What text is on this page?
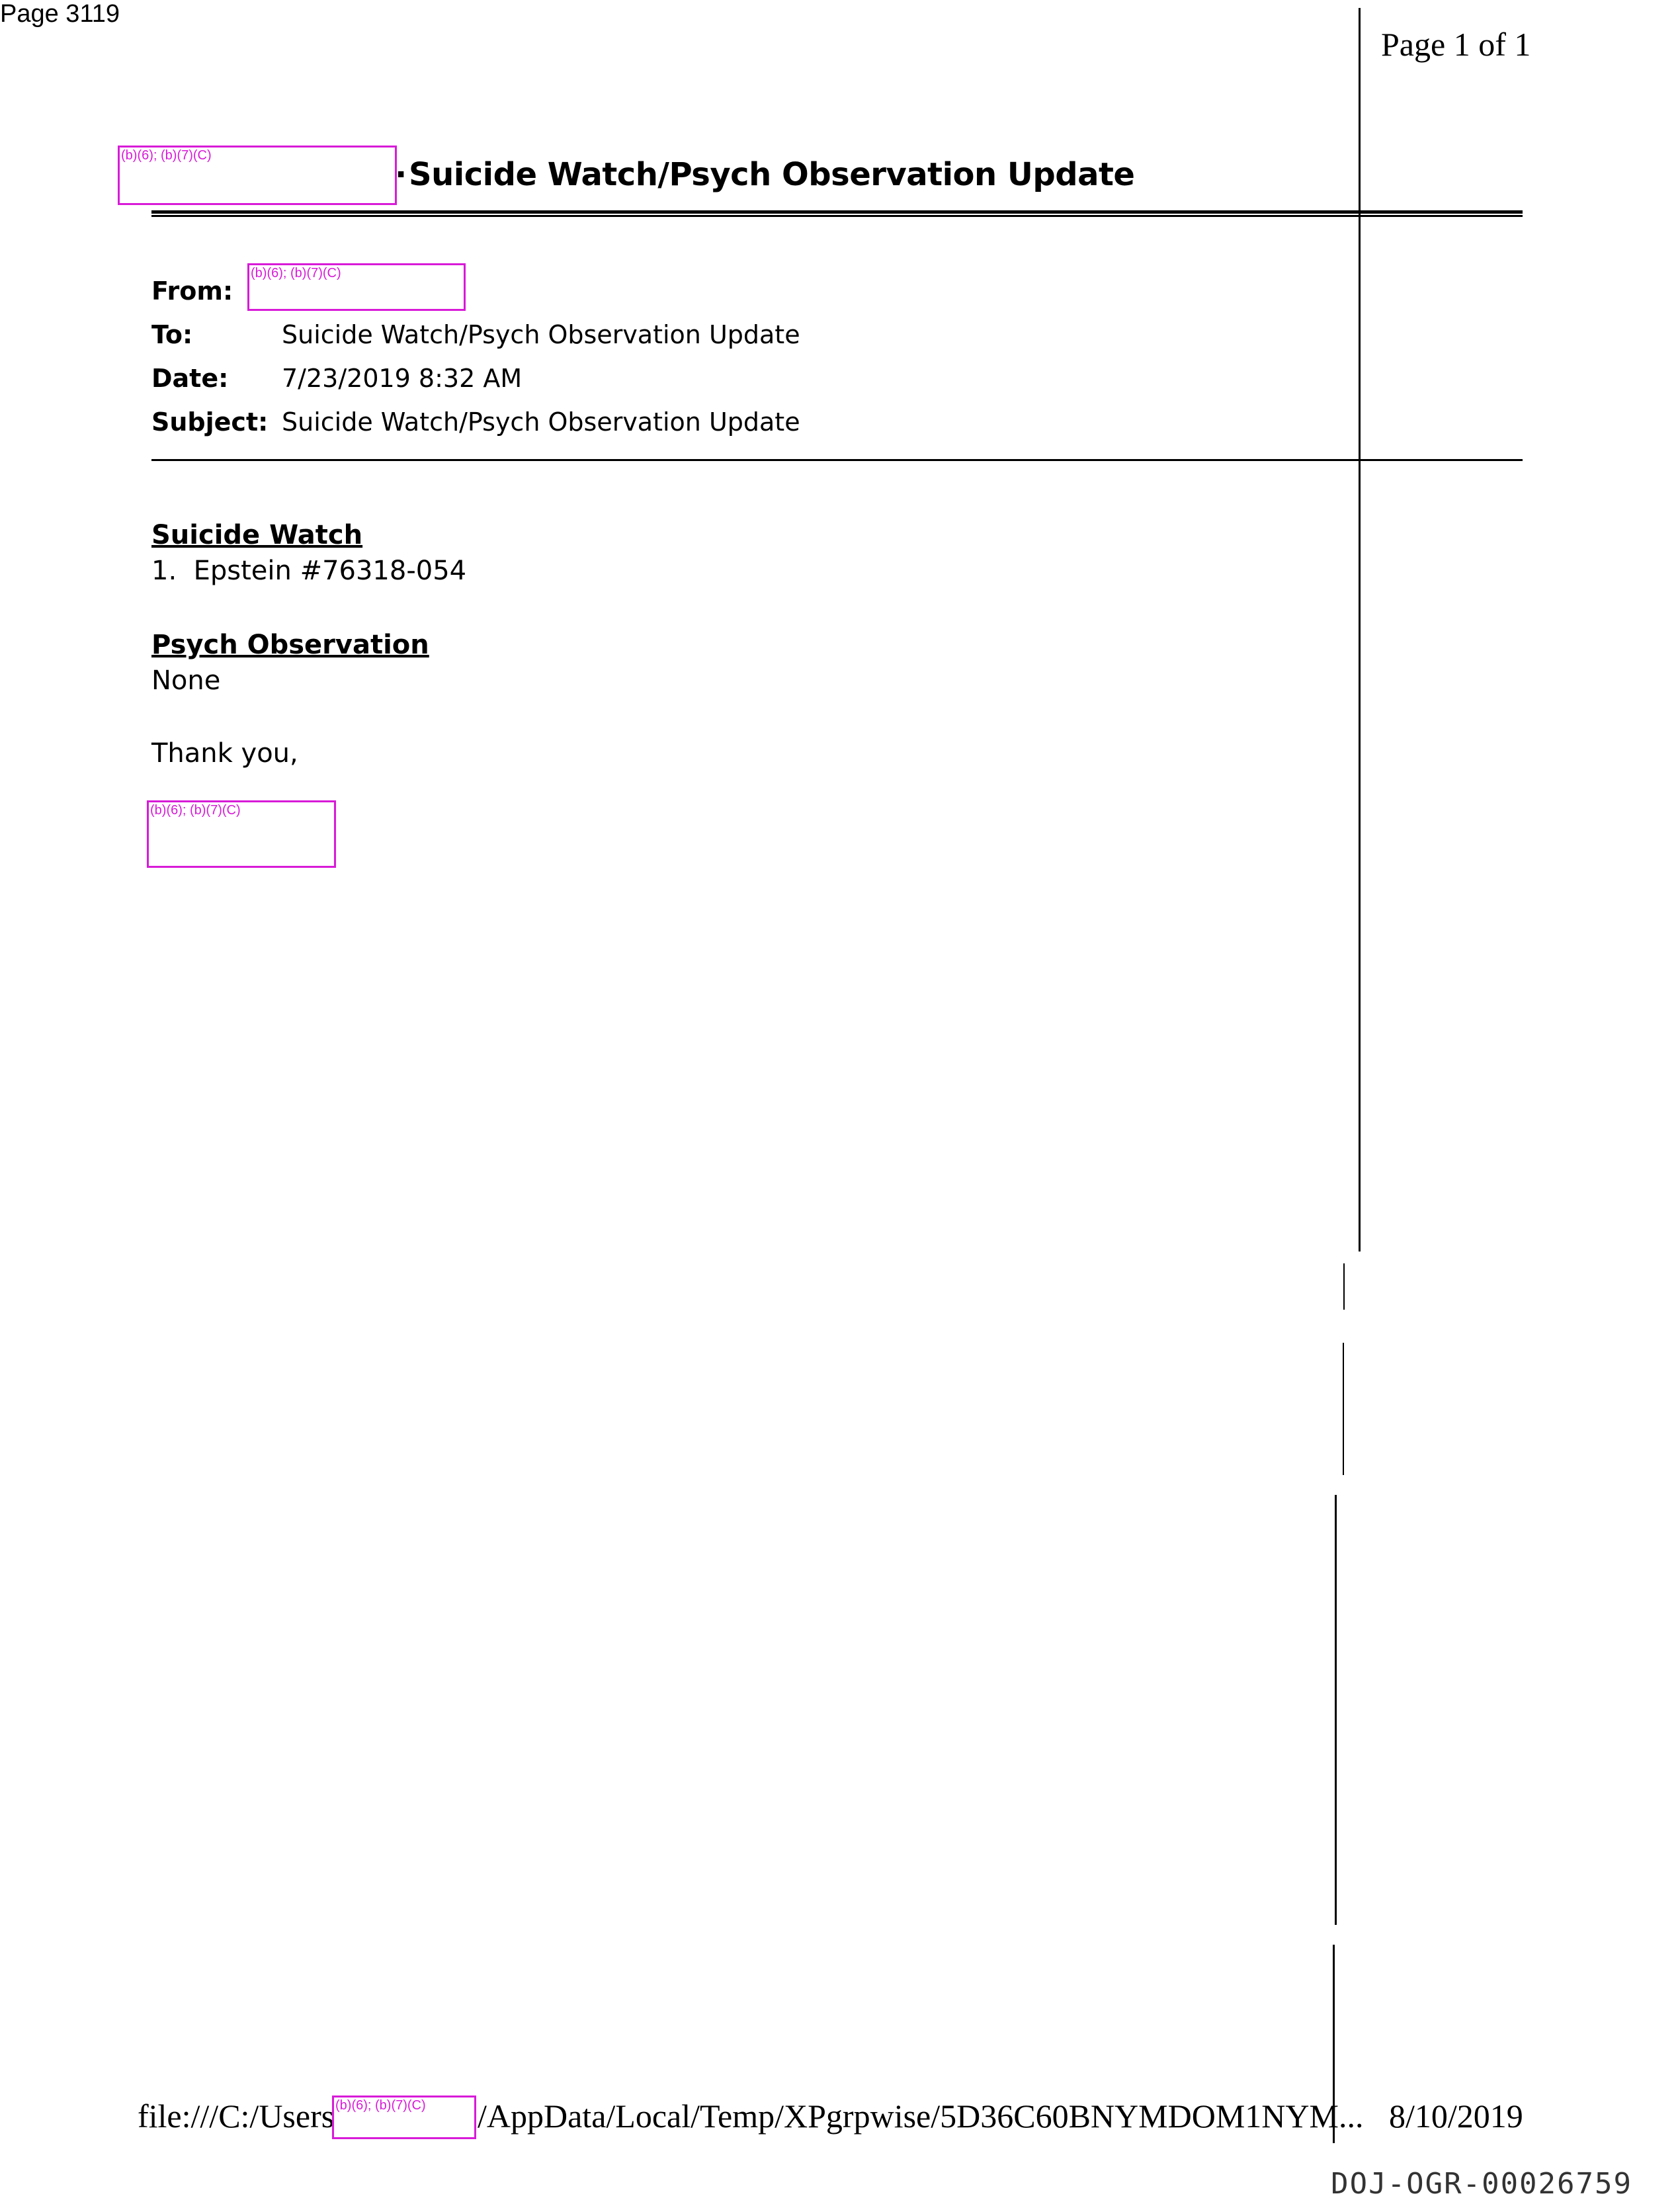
Page 3119
Page 1 of 1
(b)(6); (b)(7)(C)
· Suicide Watch/Psych Observation Update
From:
(b)(6); (b)(7)(C)
To:	Suicide Watch/Psych Observation Update
Date: 7/23/2019 8:32 AM
Subject: Suicide Watch/Psych Observation Update
Suicide Watch
1.  Epstein #76318-054
Psych Observation
None
Thank you,
(b)(6); (b)(7)(C)
file:///C:/Users (b)(6); (b)(7)(C)	/AppData/Local/Temp/XPgrpwise/5D36C60BNYMDOM1NYM... 8/10/2019
DOJ-OGR-00026759
